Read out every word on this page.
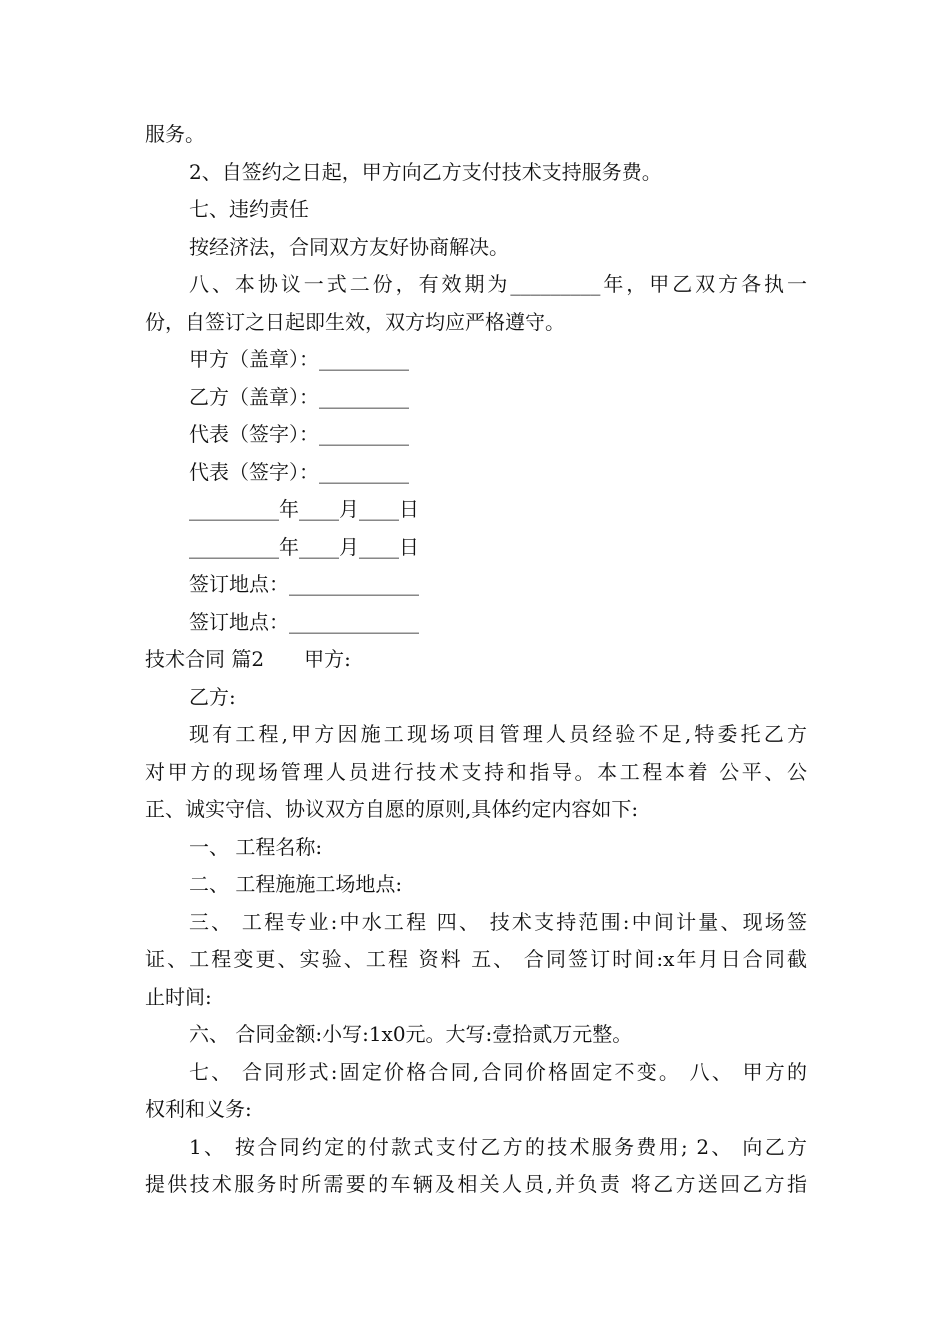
服务。
2、自签约之日起，甲方向乙方支付技术支持服务费。
七、违约责任
按经济法，合同双方友好协商解决。
八、本协议一式二份，有效期为_________年，甲乙双方各执一
份，自签订之日起即生效，双方均应严格遵守。
甲方（盖章）：_________
乙方（盖章）：_________
代表（签字）：_________
代表（签字）：_________
_________年____月____日
_________年____月____日
签订地点：_____________
签订地点：_____________
技术合同 篇2　　甲方:
乙方:
现有工程,甲方因施工现场项目管理人员经验不足,特委托乙方
对甲方的现场管理人员进行技术支持和指导。本工程本着 公平、公
正、诚实守信、协议双方自愿的原则,具体约定内容如下:
一、 工程名称:
二、 工程施施工场地点:
三、 工程专业:中水工程 四、 技术支持范围:中间计量、现场签
证、工程变更、实验、工程 资料 五、 合同签订时间:x年月日合同截
止时间:
六、 合同金额:小写:1x0元。大写:壹拾贰万元整。
七、 合同形式:固定价格合同,合同价格固定不变。 八、 甲方的
权利和义务:
1、 按合同约定的付款式支付乙方的技术服务费用; 2、 向乙方
提供技术服务时所需要的车辆及相关人员,并负责 将乙方送回乙方指
